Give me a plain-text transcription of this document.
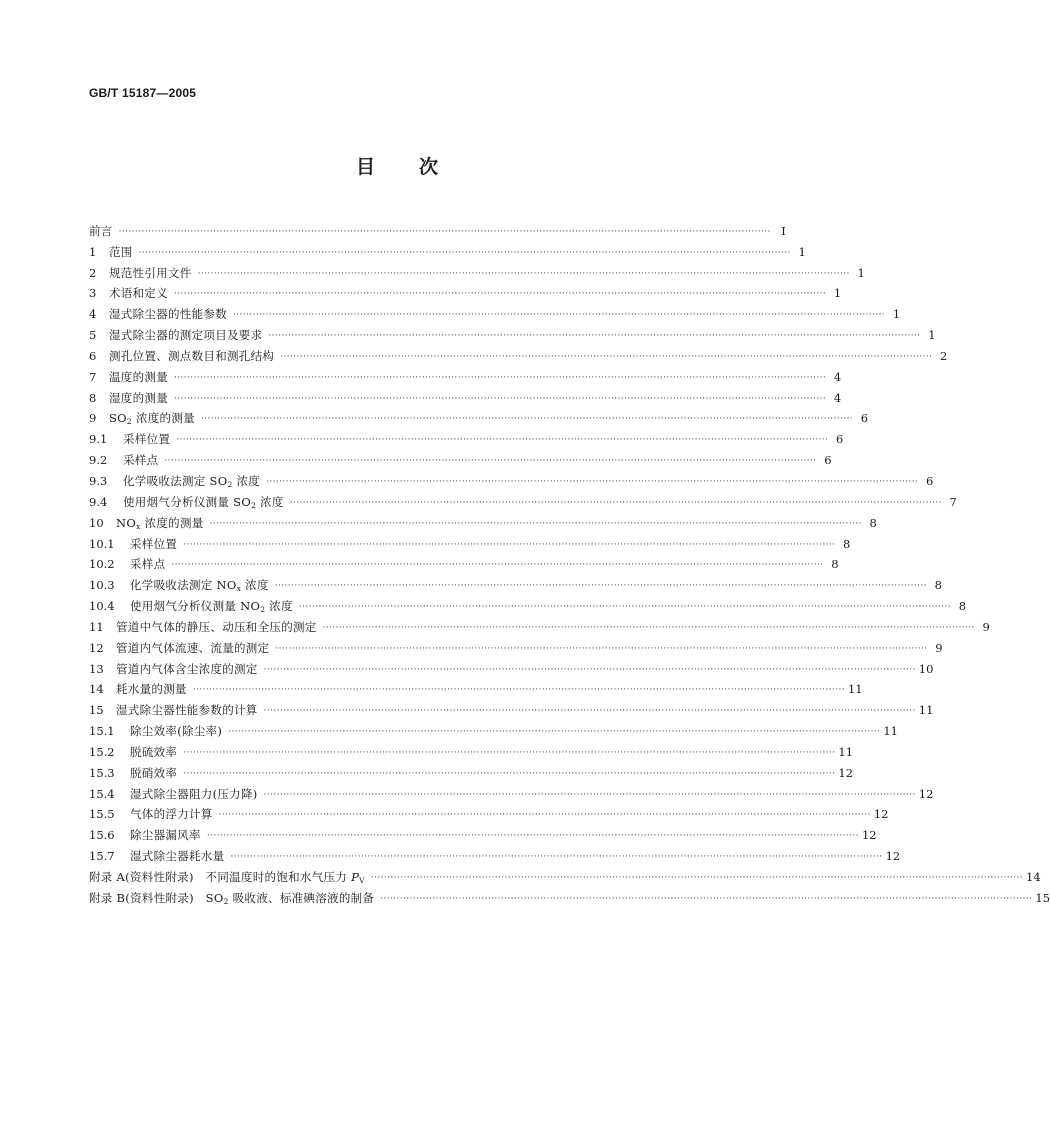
GB/T 15187—2005
目 次
前言 ········································································································································································································ I
1	范围 ········································································································································································································ 1
2	规范性引用文件 ········································································································································································································ 1
3	术语和定义 ········································································································································································································ 1
4	湿式除尘器的性能参数 ········································································································································································································ 1
5	湿式除尘器的测定项目及要求 ········································································································································································································ 1
6	测孔位置、测点数目和测孔结构 ········································································································································································································ 2
7	温度的测量 ········································································································································································································ 4
8	湿度的测量 ········································································································································································································ 4
9	$SO_2$ 浓度的测量 ········································································································································································································ 6
9.1	采样位置 ········································································································································································································ 6
9.2	采样点 ········································································································································································································ 6
9.3	化学吸收法测定 $SO_2$ 浓度 ········································································································································································································ 6
9.4	使用烟气分析仪测量 $SO_2$ 浓度 ········································································································································································································ 7
10	$NO_x$ 浓度的测量 ········································································································································································································ 8
10.1	采样位置 ········································································································································································································ 8
10.2	采样点 ········································································································································································································ 8
10.3	化学吸收法测定 $NO_x$ 浓度 ········································································································································································································ 8
10.4	使用烟气分析仪测量 $NO_2$ 浓度 ········································································································································································································ 8
11	管道中气体的静压、动压和全压的测定 ········································································································································································································ 9
12	管道内气体流速、流量的测定 ········································································································································································································ 9
13	管道内气体含尘浓度的测定 ········································································································································································································ 10
14	耗水量的测量 ········································································································································································································ 11
15	湿式除尘器性能参数的计算 ········································································································································································································ 11
15.1	除尘效率(除尘率) ········································································································································································································ 11
15.2	脱硫效率 ········································································································································································································ 11
15.3	脱硝效率 ········································································································································································································ 12
15.4	湿式除尘器阻力(压力降) ········································································································································································································ 12
15.5	气体的浮力计算 ········································································································································································································ 12
15.6	除尘器漏风率 ········································································································································································································ 12
15.7	湿式除尘器耗水量 ········································································································································································································ 12
附录 A(资料性附录)　不同温度时的饱和水气压力 $P_V$ ········································································································································································································ 14
附录 B(资料性附录)　$SO_2$ 吸收液、标准碘溶液的制备 ········································································································································································································ 15
